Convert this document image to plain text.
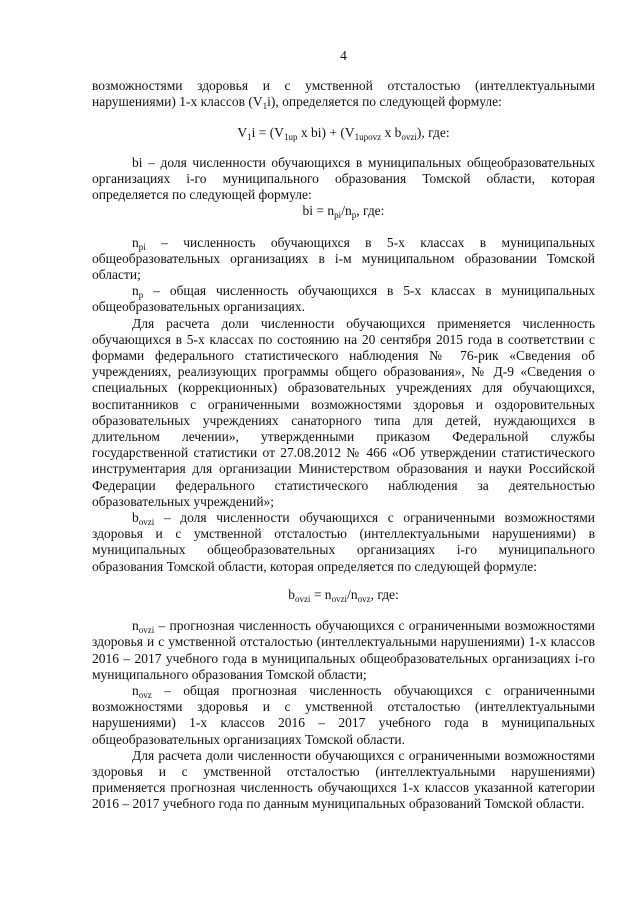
4

возможностями здоровья и с умственной отсталостью (интеллектуальными нарушениями) 1-х классов $(V_1i)$, определяется по следующей формуле:

$V_1i = (V_{1up}$ x $bi) + (V_{1upovz}$ x $b_{ovzi}$), где:

bi – доля численности обучающихся в муниципальных общеобразовательных организациях i-го муниципального образования Томской области, которая определяется по следующей формуле:

bi = $n_{pi}/n_p$, где:

$n_{pi}$ – численность обучающихся в 5-х классах в муниципальных общеобразовательных организациях в i-м муниципальном образовании Томской области;

$n_p$ – общая численность обучающихся в 5-х классах в муниципальных общеобразовательных организациях.

Для расчета доли численности обучающихся применяется численность обучающихся в 5-х классах по состоянию на 20 сентября 2015 года в соответствии с формами федерального статистического наблюдения № 76-рик «Сведения об учреждениях, реализующих программы общего образования», № Д-9 «Сведения о специальных (коррекционных) образовательных учреждениях для обучающихся, воспитанников с ограниченными возможностями здоровья и оздоровительных образовательных учреждениях санаторного типа для детей, нуждающихся в длительном лечении», утвержденными приказом Федеральной службы государственной статистики от 27.08.2012 № 466 «Об утверждении статистического инструментария для организации Министерством образования и науки Российской Федерации федерального статистического наблюдения за деятельностью образовательных учреждений»;

$b_{ovzi}$ – доля численности обучающихся с ограниченными возможностями здоровья и с умственной отсталостью (интеллектуальными нарушениями) в муниципальных общеобразовательных организациях i-го муниципального образования Томской области, которая определяется по следующей формуле:

$b_{ovzi} = n_{ovzi}/n_{ovz}$, где:

$n_{ovzi}$ – прогнозная численность обучающихся с ограниченными возможностями здоровья и с умственной отсталостью (интеллектуальными нарушениями) 1-х классов 2016 – 2017 учебного года в муниципальных общеобразовательных организациях i-го муниципального образования Томской области;

$n_{ovz}$ – общая прогнозная численность обучающихся с ограниченными возможностями здоровья и с умственной отсталостью (интеллектуальными нарушениями) 1-х классов 2016 – 2017 учебного года в муниципальных общеобразовательных организациях Томской области.

Для расчета доли численности обучающихся с ограниченными возможностями здоровья и с умственной отсталостью (интеллектуальными нарушениями) применяется прогнозная численность обучающихся 1-х классов указанной категории 2016 – 2017 учебного года по данным муниципальных образований Томской области.
